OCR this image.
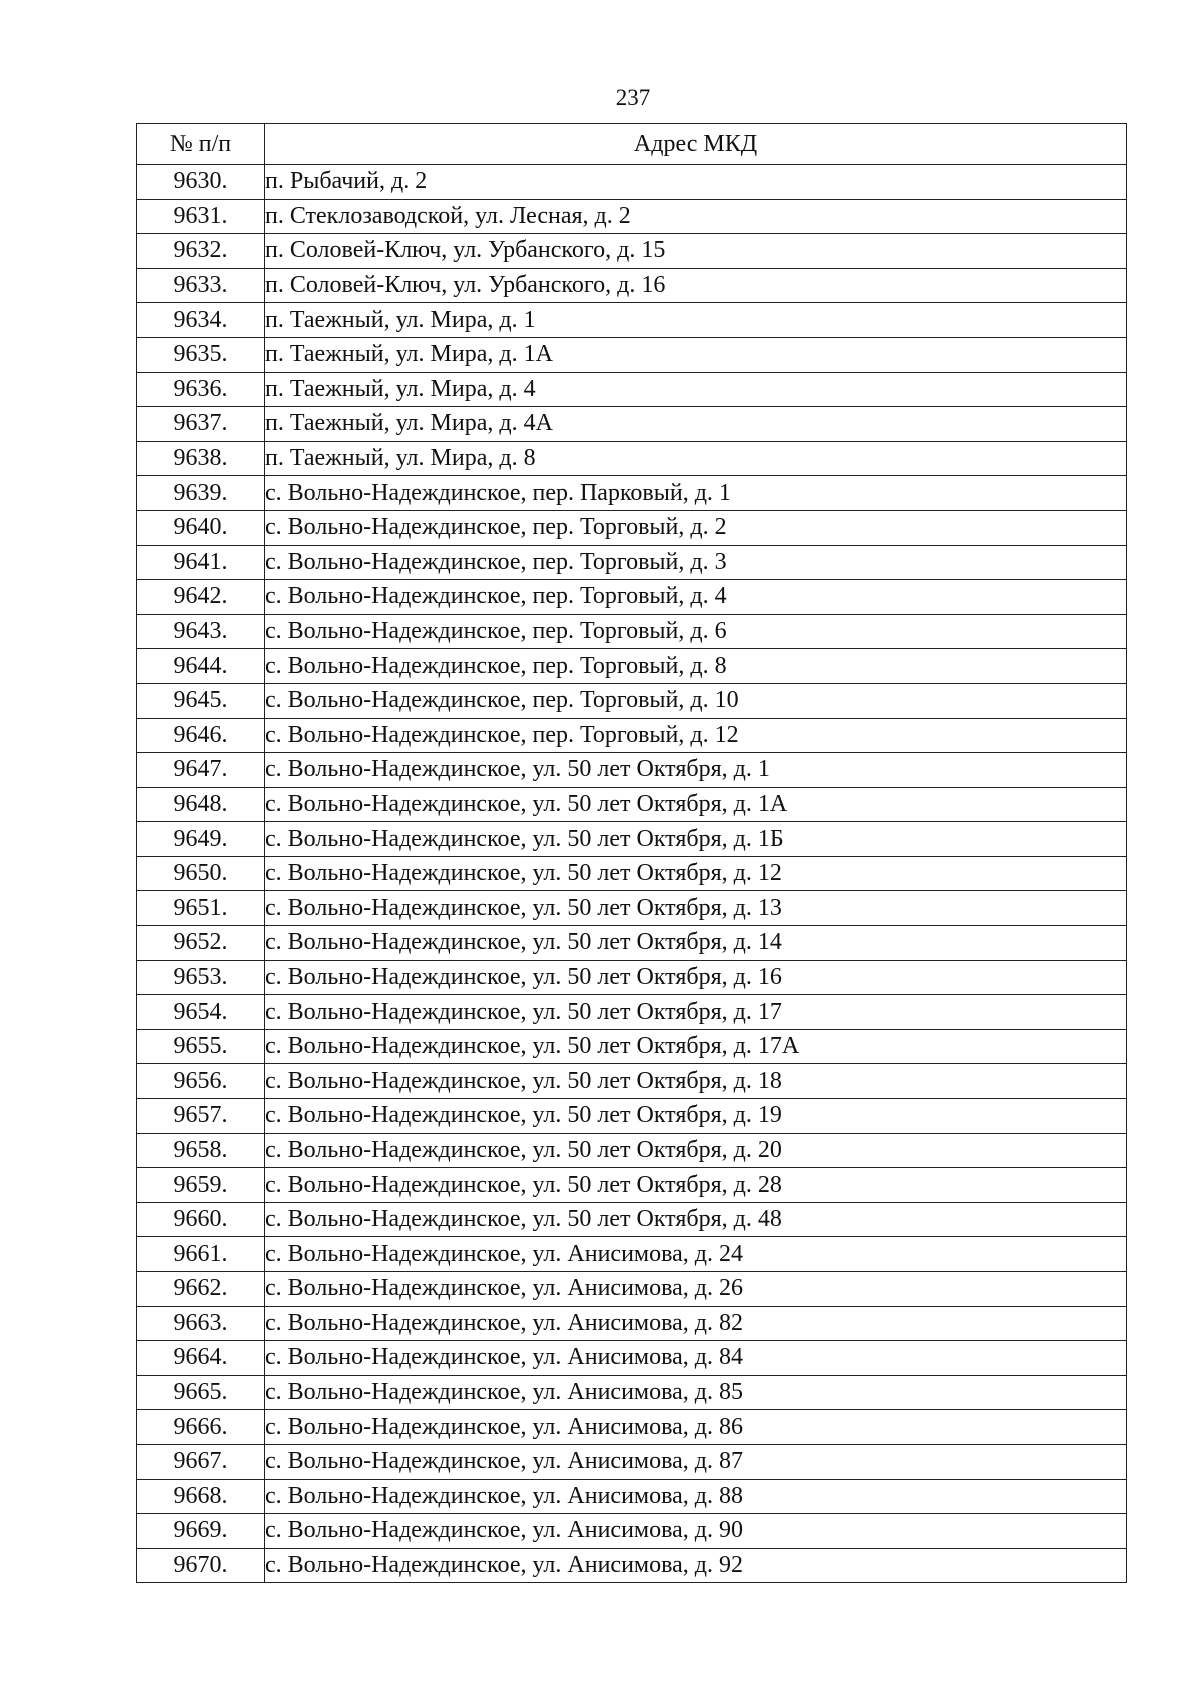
237
№ п/п	Адрес МКД
9630.	п. Рыбачий, д. 2
9631.	п. Стеклозаводской, ул. Лесная, д. 2
9632.	п. Соловей-Ключ, ул. Урбанского, д. 15
9633.	п. Соловей-Ключ, ул. Урбанского, д. 16
9634.	п. Таежный, ул. Мира, д. 1
9635.	п. Таежный, ул. Мира, д. 1А
9636.	п. Таежный, ул. Мира, д. 4
9637.	п. Таежный, ул. Мира, д. 4А
9638.	п. Таежный, ул. Мира, д. 8
9639.	с. Вольно-Надеждинское, пер. Парковый, д. 1
9640.	с. Вольно-Надеждинское, пер. Торговый, д. 2
9641.	с. Вольно-Надеждинское, пер. Торговый, д. 3
9642.	с. Вольно-Надеждинское, пер. Торговый, д. 4
9643.	с. Вольно-Надеждинское, пер. Торговый, д. 6
9644.	с. Вольно-Надеждинское, пер. Торговый, д. 8
9645.	с. Вольно-Надеждинское, пер. Торговый, д. 10
9646.	с. Вольно-Надеждинское, пер. Торговый, д. 12
9647.	с. Вольно-Надеждинское, ул. 50 лет Октября, д. 1
9648.	с. Вольно-Надеждинское, ул. 50 лет Октября, д. 1А
9649.	с. Вольно-Надеждинское, ул. 50 лет Октября, д. 1Б
9650.	с. Вольно-Надеждинское, ул. 50 лет Октября, д. 12
9651.	с. Вольно-Надеждинское, ул. 50 лет Октября, д. 13
9652.	с. Вольно-Надеждинское, ул. 50 лет Октября, д. 14
9653.	с. Вольно-Надеждинское, ул. 50 лет Октября, д. 16
9654.	с. Вольно-Надеждинское, ул. 50 лет Октября, д. 17
9655.	с. Вольно-Надеждинское, ул. 50 лет Октября, д. 17А
9656.	с. Вольно-Надеждинское, ул. 50 лет Октября, д. 18
9657.	с. Вольно-Надеждинское, ул. 50 лет Октября, д. 19
9658.	с. Вольно-Надеждинское, ул. 50 лет Октября, д. 20
9659.	с. Вольно-Надеждинское, ул. 50 лет Октября, д. 28
9660.	с. Вольно-Надеждинское, ул. 50 лет Октября, д. 48
9661.	с. Вольно-Надеждинское, ул. Анисимова, д. 24
9662.	с. Вольно-Надеждинское, ул. Анисимова, д. 26
9663.	с. Вольно-Надеждинское, ул. Анисимова, д. 82
9664.	с. Вольно-Надеждинское, ул. Анисимова, д. 84
9665.	с. Вольно-Надеждинское, ул. Анисимова, д. 85
9666.	с. Вольно-Надеждинское, ул. Анисимова, д. 86
9667.	с. Вольно-Надеждинское, ул. Анисимова, д. 87
9668.	с. Вольно-Надеждинское, ул. Анисимова, д. 88
9669.	с. Вольно-Надеждинское, ул. Анисимова, д. 90
9670.	с. Вольно-Надеждинское, ул. Анисимова, д. 92
